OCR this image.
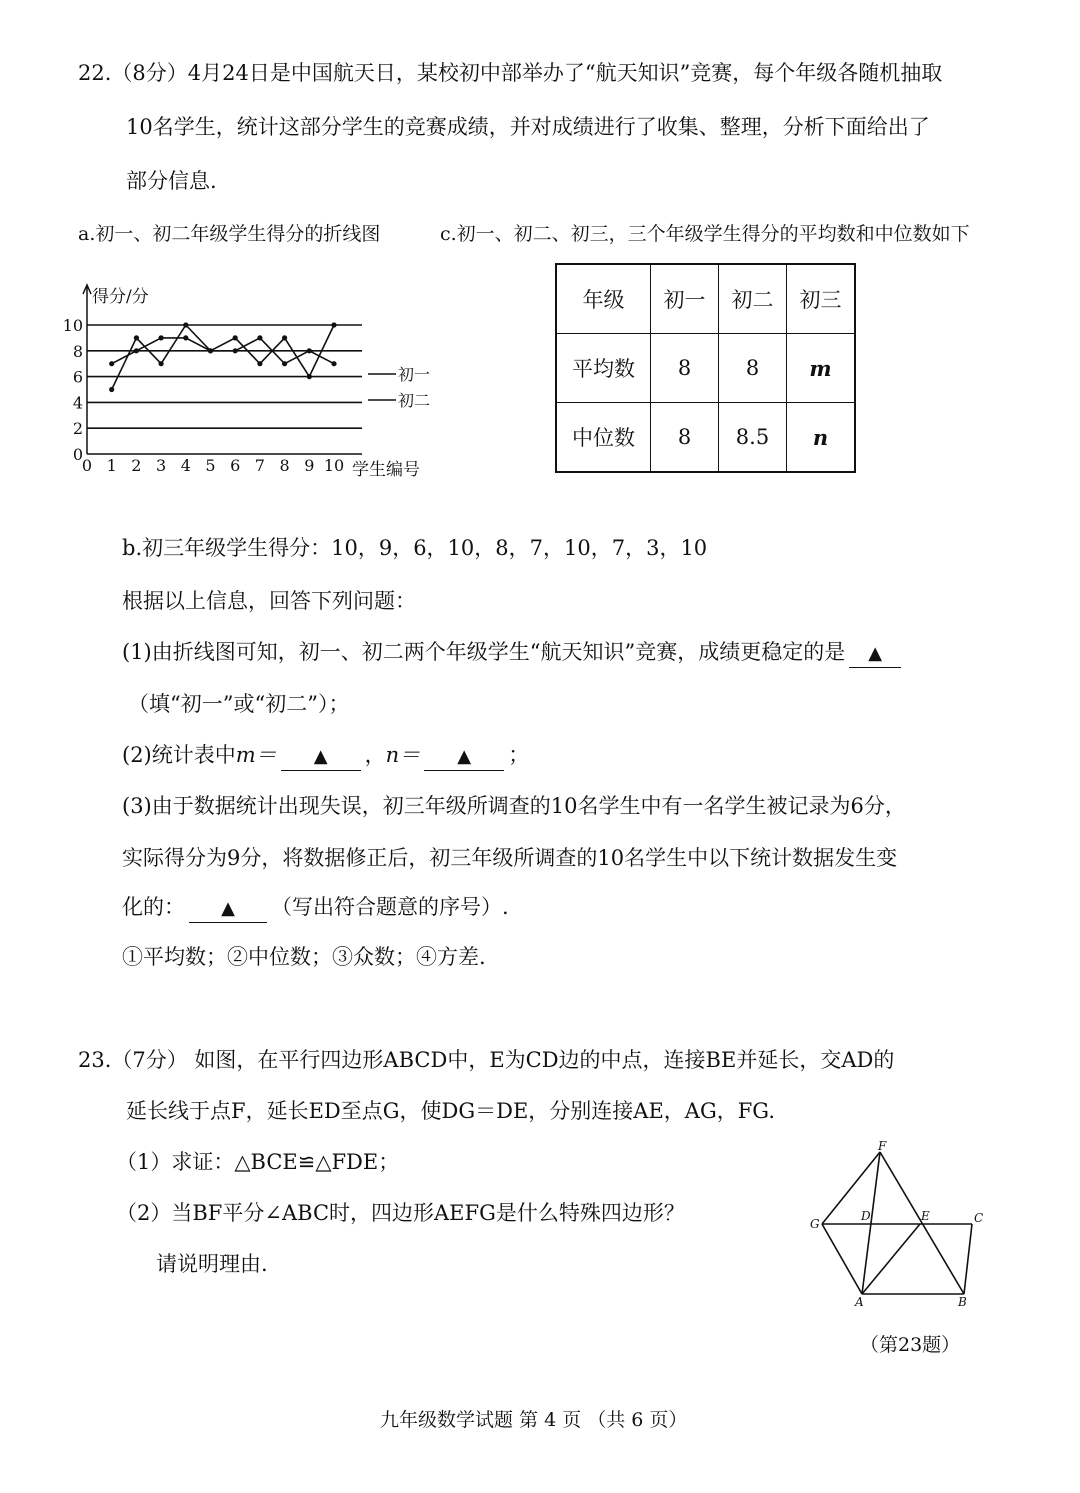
22.（8分）4月24日是中国航天日，某校初中部举办了“航天知识”竞赛，每个年级各随机抽取
10名学生，统计这部分学生的竞赛成绩，并对成绩进行了收集、整理，分析下面给出了
部分信息.
a.初一、初二年级学生得分的折线图	c.初一、初二、初三，三个年级学生得分的平均数和中位数如下
0
2
4
6
8
10
0 1 2 3 4 5 6 7 8 9 10
初一
初二
得分/分
学生编号
年级	初一	初二	初三
平均数	8	8	m
中位数	8	8.5	n
b.初三年级学生得分：10，9，6，10，8，7，10，7，3，10
根据以上信息，回答下列问题：
(1)由折线图可知，初一、初二两个年级学生“航天知识”竞赛，成绩更稳定的是 ▲
（填“初一”或“初二”）；
(2)统计表中m＝ ▲ ，n＝ ▲ ；
(3)由于数据统计出现失误，初三年级所调查的10名学生中有一名学生被记录为6分，
实际得分为9分，将数据修正后，初三年级所调查的10名学生中以下统计数据发生变
化的： ▲ （写出符合题意的序号）.
①平均数；②中位数；③众数；④方差.
23.（7分） 如图，在平行四边形ABCD中，E为CD边的中点，连接BE并延长，交AD的
延长线于点F，延长ED至点G，使DG＝DE，分别连接AE，AG，FG.
（1）求证：△BCE≌△FDE；
（2）当BF平分∠ABC时，四边形AEFG是什么特殊四边形？
请说明理由.
F
G
D	E	C
A	B
（第23题）
九年级数学试题 第 4 页 （共 6 页）
